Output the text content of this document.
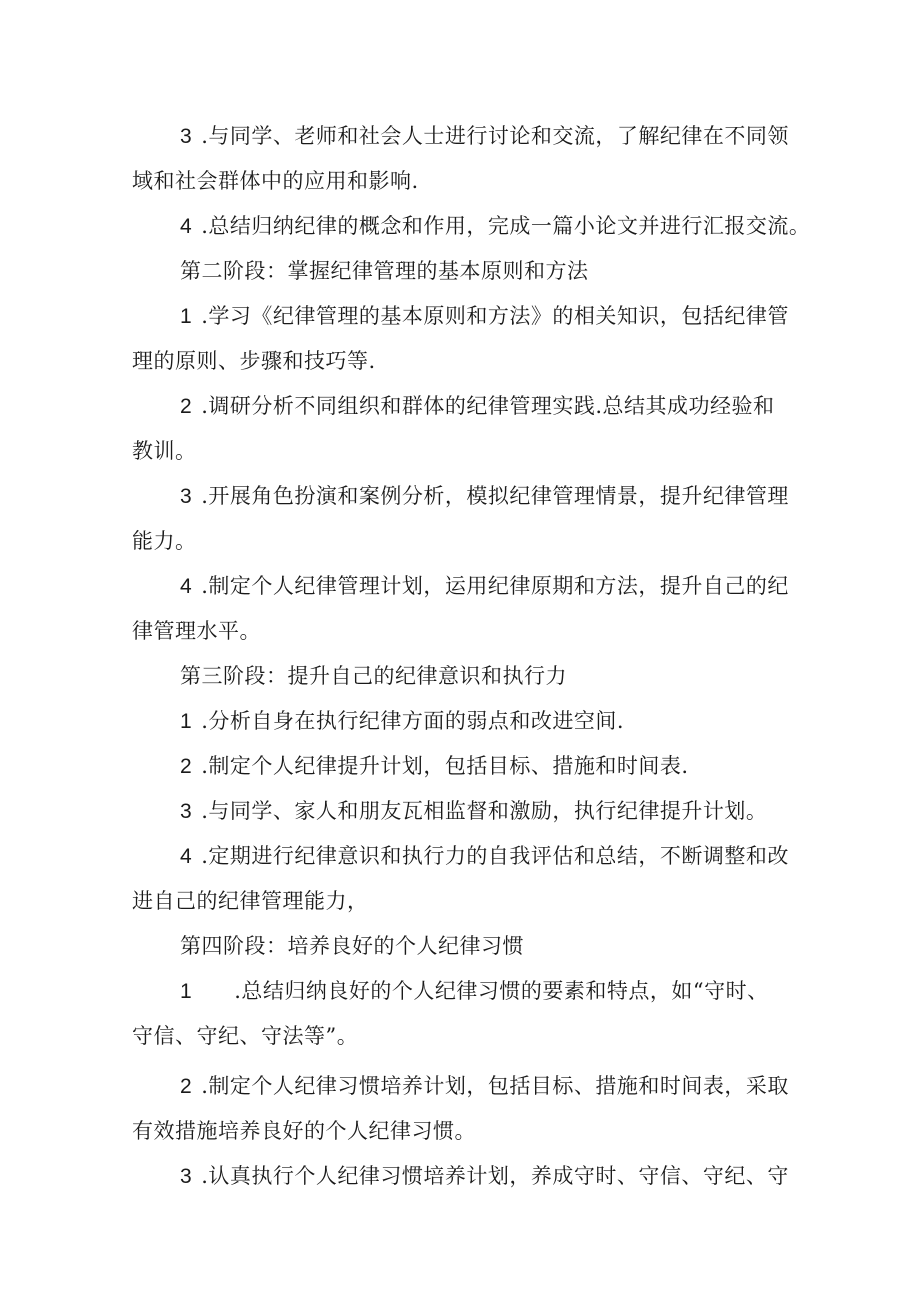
3 .与同学、老师和社会人士进行讨论和交流，了解纪律在不同领
域和社会群体中的应用和影响.
4 .总结归纳纪律的概念和作用，完成一篇小论文并进行汇报交流。
第二阶段：掌握纪律管理的基本原则和方法
1 .学习《纪律管理的基本原则和方法》的相关知识，包括纪律管
理的原则、步骤和技巧等.
2 .调研分析不同组织和群体的纪律管理实践.总结其成功经验和
教训。
3 .开展角色扮演和案例分析，模拟纪律管理情景，提升纪律管理
能力。
4 .制定个人纪律管理计划，运用纪律原期和方法，提升自己的纪
律管理水平。
第三阶段：提升自己的纪律意识和执行力
1 .分析自身在执行纪律方面的弱点和改进空间.
2 .制定个人纪律提升计划，包括目标、措施和时间表.
3 .与同学、家人和朋友瓦相监督和激励，执行纪律提升计划。
4 .定期进行纪律意识和执行力的自我评估和总结，不断调整和改
进自己的纪律管理能力，
第四阶段：培养良好的个人纪律习惯
1 .总结归纳良好的个人纪律习惯的要素和特点，如“守时、
守信、守纪、守法等”。
2 .制定个人纪律习惯培养计划，包括目标、措施和时间表，采取
有效措施培养良好的个人纪律习惯。
3 .认真执行个人纪律习惯培养计划，养成守时、守信、守纪、守
